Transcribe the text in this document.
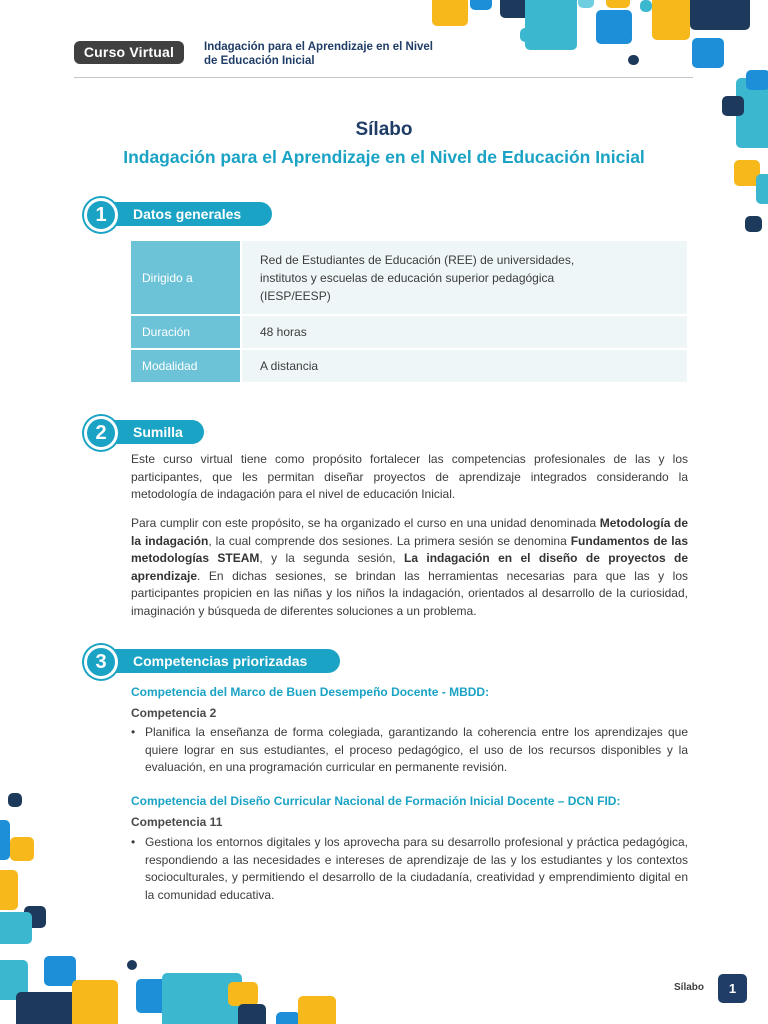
Curso Virtual	Indagación para el Aprendizaje en el Nivel
de Educación Inicial
Sílabo
Indagación para el Aprendizaje en el Nivel de Educación Inicial
Datos generales
1
Dirigido a	Red de Estudiantes de Educación (REE) de universidades,
institutos y escuelas de educación superior pedagógica
(IESP/EESP)

Duración	48 horas
Modalidad	A distancia
Sumilla
2

Este curso virtual tiene como propósito fortalecer las competencias profesionales de las y los participantes, que les permitan diseñar proyectos de aprendizaje integrados considerando la metodología de indagación para el nivel de educación Inicial.

Para cumplir con este propósito, se ha organizado el curso en una unidad denominada Metodología de la indagación, la cual comprende dos sesiones. La primera sesión se denomina Fundamentos de las metodologías STEAM, y la segunda sesión, La indagación en el diseño de proyectos de aprendizaje. En dichas sesiones, se brindan las herramientas necesarias para que las y los participantes propicien en las niñas y los niños la indagación, orientados al desarrollo de la curiosidad, imaginación y búsqueda de diferentes soluciones a un problema.

Competencias priorizadas
3
Competencia del Marco de Buen Desempeño Docente - MBDD:
Competencia 2
• Planifica la enseñanza de forma colegiada, garantizando la coherencia entre los aprendizajes que quiere lograr en sus estudiantes, el proceso pedagógico, el uso de los recursos disponibles y la evaluación, en una programación curricular en permanente revisión.
Competencia del Diseño Curricular Nacional de Formación Inicial Docente – DCN FID:
Competencia 11
• Gestiona los entornos digitales y los aprovecha para su desarrollo profesional y práctica pedagógica, respondiendo a las necesidades e intereses de aprendizaje de las y los estudiantes y los contextos socioculturales, y permitiendo el desarrollo de la ciudadanía, creatividad y emprendimiento digital en la comunidad educativa.
Sílabo	1
